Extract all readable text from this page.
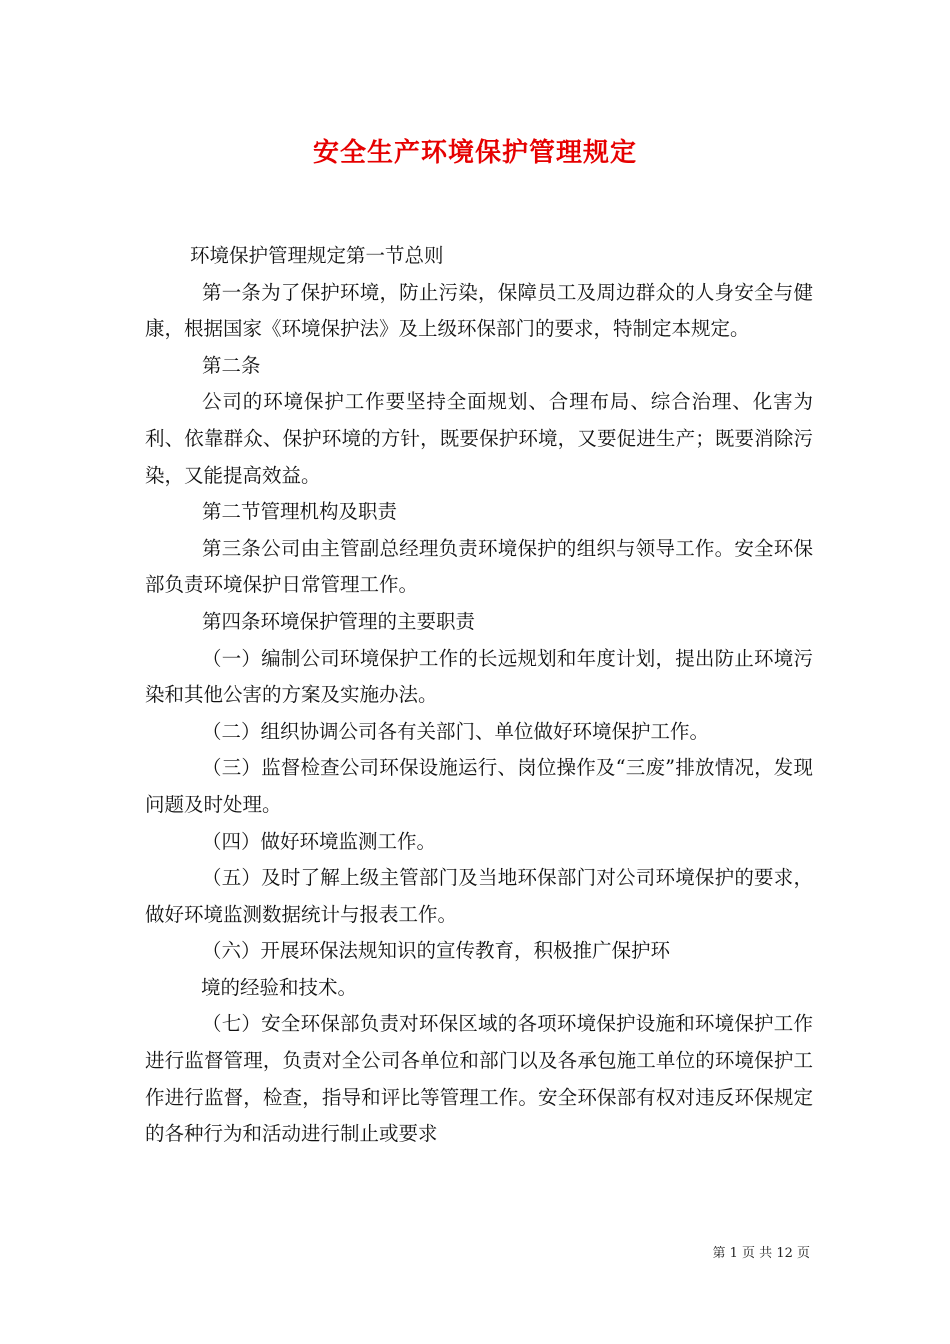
安全生产环境保护管理规定

环境保护管理规定第一节总则

第一条为了保护环境，防止污染，保障员工及周边群众的人身安全与健康，根据国家《环境保护法》及上级环保部门的要求，特制定本规定。

第二条

公司的环境保护工作要坚持全面规划、合理布局、综合治理、化害为利、依靠群众、保护环境的方针，既要保护环境，又要促进生产；既要消除污染，又能提高效益。

第二节管理机构及职责

第三条公司由主管副总经理负责环境保护的组织与领导工作。安全环保部负责环境保护日常管理工作。

第四条环境保护管理的主要职责

（一）编制公司环境保护工作的长远规划和年度计划，提出防止环境污染和其他公害的方案及实施办法。

（二）组织协调公司各有关部门、单位做好环境保护工作。

（三）监督检查公司环保设施运行、岗位操作及“三废”排放情况，发现问题及时处理。

（四）做好环境监测工作。

（五）及时了解上级主管部门及当地环保部门对公司环境保护的要求，做好环境监测数据统计与报表工作。

（六）开展环保法规知识的宣传教育，积极推广保护环

境的经验和技术。

（七）安全环保部负责对环保区域的各项环境保护设施和环境保护工作进行监督管理，负责对全公司各单位和部门以及各承包施工单位的环境保护工作进行监督，检查，指导和评比等管理工作。安全环保部有权对违反环保规定的各种行为和活动进行制止或要求

第 1 页 共 12 页
